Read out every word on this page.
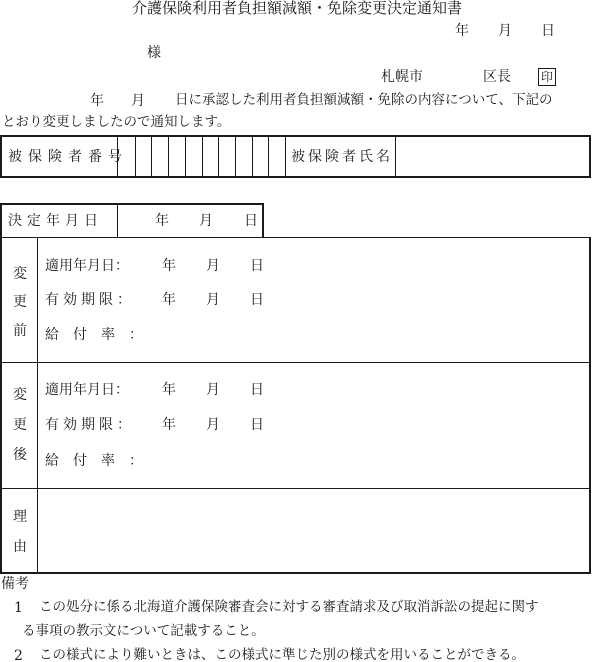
介護保険利用者負担額減額・免除変更決定通知書
年 月 日
様
札幌市	区長 印
年 月 日に承認した利用者負担額減額・免除の内容について、下記の
とおり変更しましたので通知します。
被保険者番号	被保険者氏名
決定年月日	年 月 日
変
更
前
適用年月日： 年 月 日
有効期限： 年 月 日
給付率：
変
更
後
適用年月日： 年 月 日
有効期限： 年 月 日
給付率：
理
由
備考
1 この処分に係る北海道介護保険審査会に対する審査請求及び取消訴訟の提起に関す
る事項の教示文について記載すること。
2 この様式により難いときは、この様式に準じた別の様式を用いることができる。
